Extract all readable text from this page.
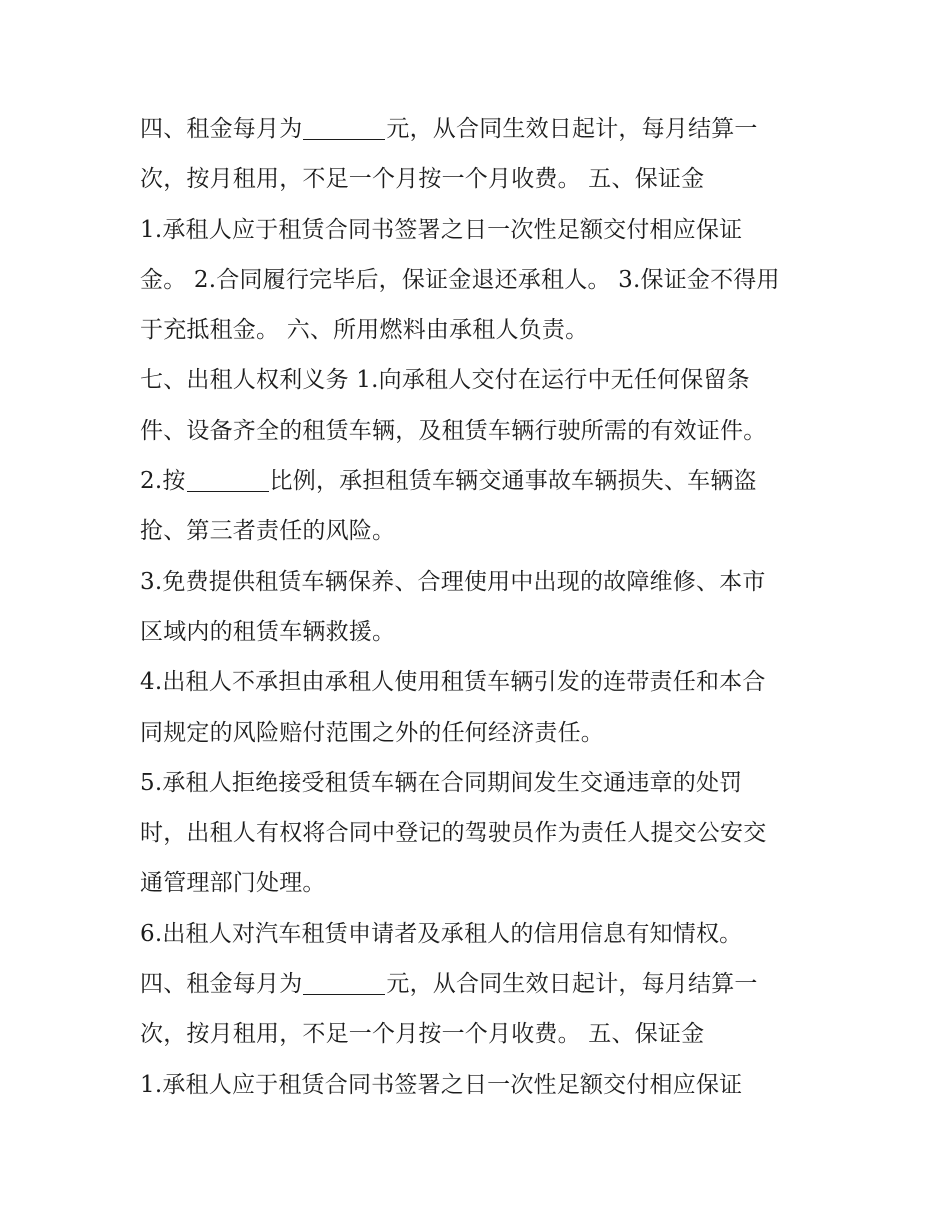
四、租金每月为	元，从合同生效日起计，每月结算一
次，按月租用，不足一个月按一个月收费。 五、保证金
1.承租人应于租赁合同书签署之日一次性足额交付相应保证
金。 2.合同履行完毕后，保证金退还承租人。 3.保证金不得用
于充抵租金。 六、所用燃料由承租人负责。
七、出租人权利义务 1.向承租人交付在运行中无任何保留条
件、设备齐全的租赁车辆，及租赁车辆行驶所需的有效证件。
2.按	比例，承担租赁车辆交通事故车辆损失、车辆盗
抢、第三者责任的风险。
3.免费提供租赁车辆保养、合理使用中出现的故障维修、本市
区域内的租赁车辆救援。
4.出租人不承担由承租人使用租赁车辆引发的连带责任和本合
同规定的风险赔付范围之外的任何经济责任。
5.承租人拒绝接受租赁车辆在合同期间发生交通违章的处罚
时，出租人有权将合同中登记的驾驶员作为责任人提交公安交
通管理部门处理。
6.出租人对汽车租赁申请者及承租人的信用信息有知情权。
四、租金每月为	元，从合同生效日起计，每月结算一
次，按月租用，不足一个月按一个月收费。 五、保证金
1.承租人应于租赁合同书签署之日一次性足额交付相应保证
